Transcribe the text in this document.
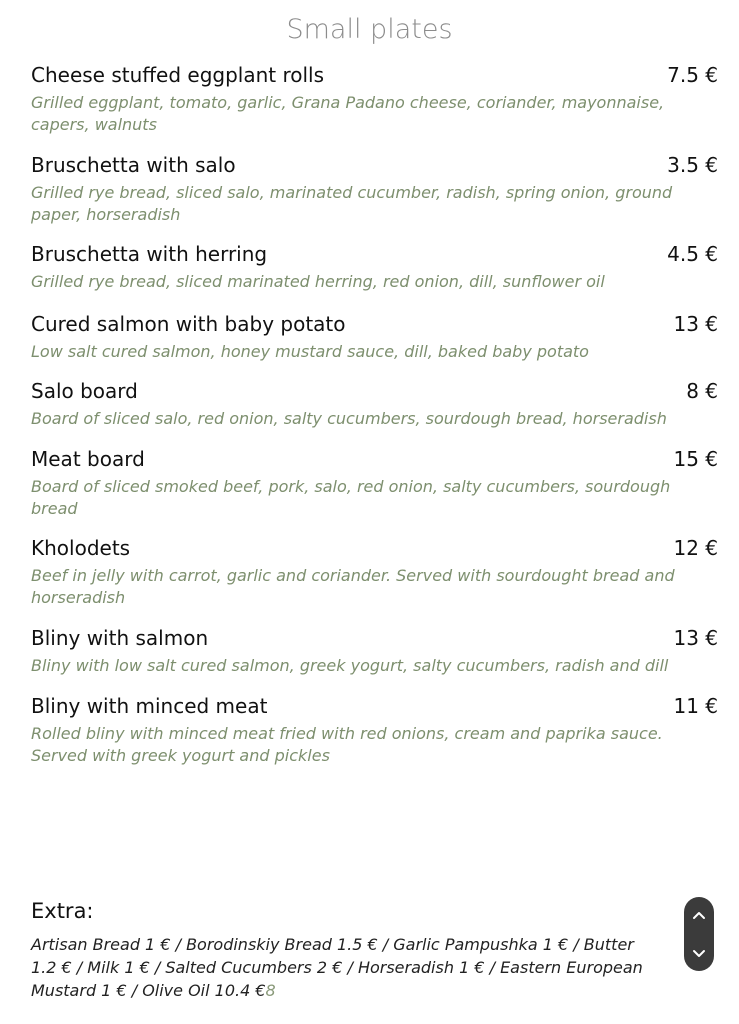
Small plates
Cheese stuffed eggplant rolls	7.5 €
Grilled eggplant, tomato, garlic, Grana Padano cheese, coriander, mayonnaise, capers, walnuts
Bruschetta with salo	3.5 €
Grilled rye bread, sliced salo, marinated cucumber, radish, spring onion, ground paper, horseradish
Bruschetta with herring	4.5 €
Grilled rye bread, sliced marinated herring, red onion, dill, sunflower oil
Cured salmon with baby potato	13 €
Low salt cured salmon, honey mustard sauce, dill, baked baby potato
Salo board	8 €
Board of sliced salo, red onion, salty cucumbers, sourdough bread, horseradish
Meat board	15 €
Board of sliced smoked beef, pork, salo, red onion, salty cucumbers, sourdough bread
Kholodets	12 €
Beef in jelly with carrot, garlic and coriander. Served with sourdought bread and horseradish
Bliny with salmon	13 €
Bliny with low salt cured salmon, greek yogurt, salty cucumbers, radish and dill
Bliny with minced meat	11 €
Rolled bliny with minced meat fried with red onions, cream and paprika sauce. Served with greek yogurt and pickles
Extra:
Artisan Bread 1 € / Borodinskiy Bread 1.5 € / Garlic Pampushka 1 € / Butter 1.2 € / Milk 1 € / Salted Cucumbers 2 € / Horseradish 1 € / Eastern European Mustard 1 € / Olive Oil 10.4 €8
